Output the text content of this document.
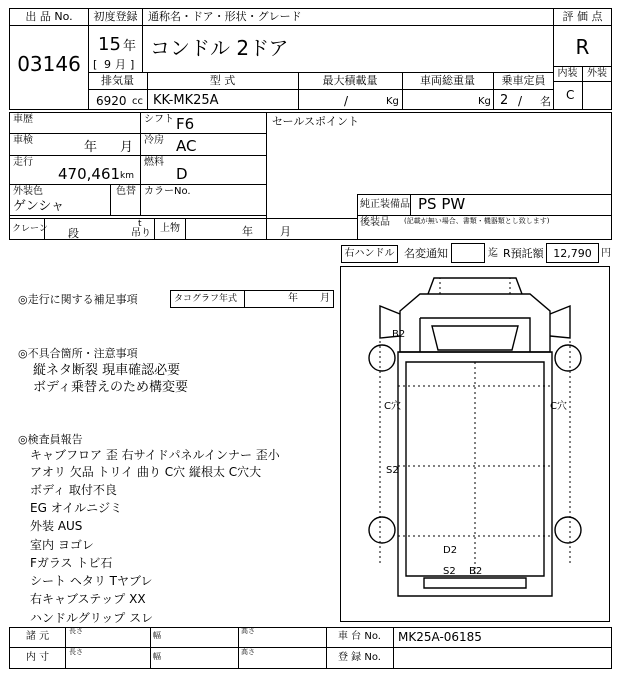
出 品 No.
03146
初度登録 通称名・ドア・形状・グレード
15 年
[ 9 月 ]
コンドル 2ドア
評 価 点
R
内装 外装
C
排気量	型 式	最大積載量	車両総重量	乗車定員
6920 cc KK-MK25A	/	Kg	Kg 2 / 名
車歴	シフト F6
車検	年 月 冷房 AC
走行
470,461 km
燃料
D
外装色
ゲンシャ
色替 カラーNo.
セールスポイント
純正装備品 PS PW
後装品 (記載が無い場合、書類・機器類とし致します)
クレーン 段
t
吊り 上物	年 月
右ハンドル 名変通知	迄 R預託額 12,790 円
◎走行に関する補足事項	タコグラフ年式	年 月
◎不具合箇所・注意事項
縦ネタ断裂 現車確認必要
ボディ乗替えのため構変要
◎検査員報告
キャブフロア 歪 右サイドパネルインナー 歪小
アオリ 欠品 トリイ 曲り C穴 縦根太 C穴大
ボディ 取付不良
EG オイルニジミ
外装 AUS
室内 ヨゴレ
Fガラス トビ石
シート ヘタリ Tヤブレ
右キャブステップ XX
ハンドルグリップ スレ
B2
C穴	C穴
S2
D2
S2 B2
諸 元
内 寸
長さ
長さ
幅
幅
高さ
高さ
車 台 No. MK25A-06185
登 録 No.
